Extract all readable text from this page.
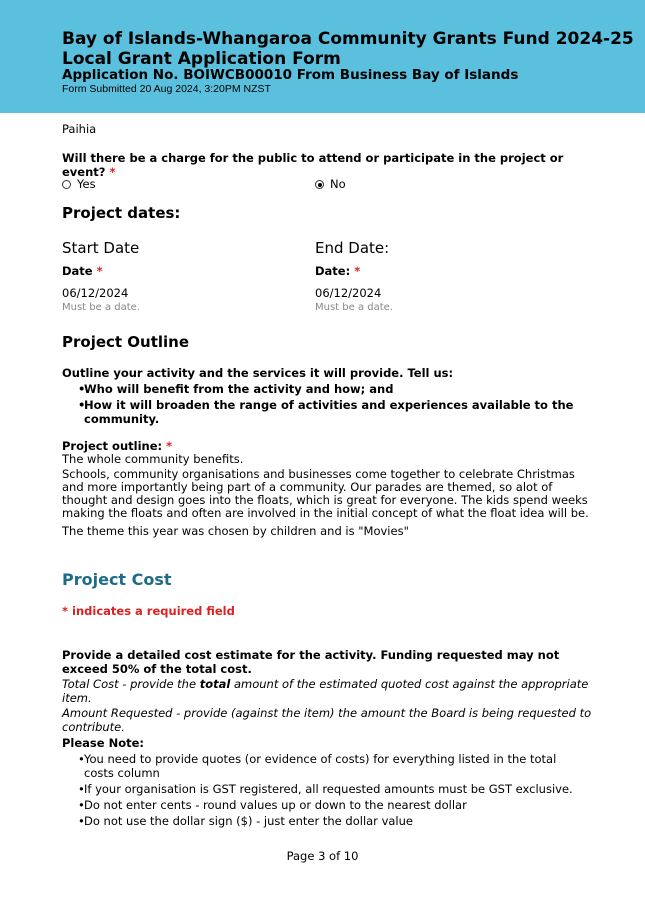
Bay of Islands-Whangaroa Community Grants Fund 2024-25
Local Grant Application Form
Application No. BOIWCB00010 From Business Bay of Islands
Form Submitted 20 Aug 2024, 3:20PM NZST
Paihia
Will there be a charge for the public to attend or participate in the project or
event? *
Yes	No
Project dates:
Start Date	End Date:
Date *	Date: *
06/12/2024	06/12/2024
Must be a date.	Must be a date.
Project Outline
Outline your activity and the services it will provide. Tell us:
•
Who will benefit from the activity and how; and
•
How it will broaden the range of activities and experiences available to the
community.
Project outline: *
The whole community benefits.
Schools, community organisations and businesses come together to celebrate Christmas
and more importantly being part of a community. Our parades are themed, so alot of
thought and design goes into the floats, which is great for everyone. The kids spend weeks
making the floats and often are involved in the initial concept of what the float idea will be.
The theme this year was chosen by children and is "Movies"
Project Cost
* indicates a required field
Provide a detailed cost estimate for the activity. Funding requested may not
exceed 50% of the total cost.
Total Cost - provide the total amount of the estimated quoted cost against the appropriate
item.
Amount Requested - provide (against the item) the amount the Board is being requested to
contribute.
Please Note:
• You need to provide quotes (or evidence of costs) for everything listed in the total
costs column
• If your organisation is GST registered, all requested amounts must be GST exclusive.
• Do not enter cents - round values up or down to the nearest dollar
• Do not use the dollar sign ($) - just enter the dollar value
Page 3 of 10
